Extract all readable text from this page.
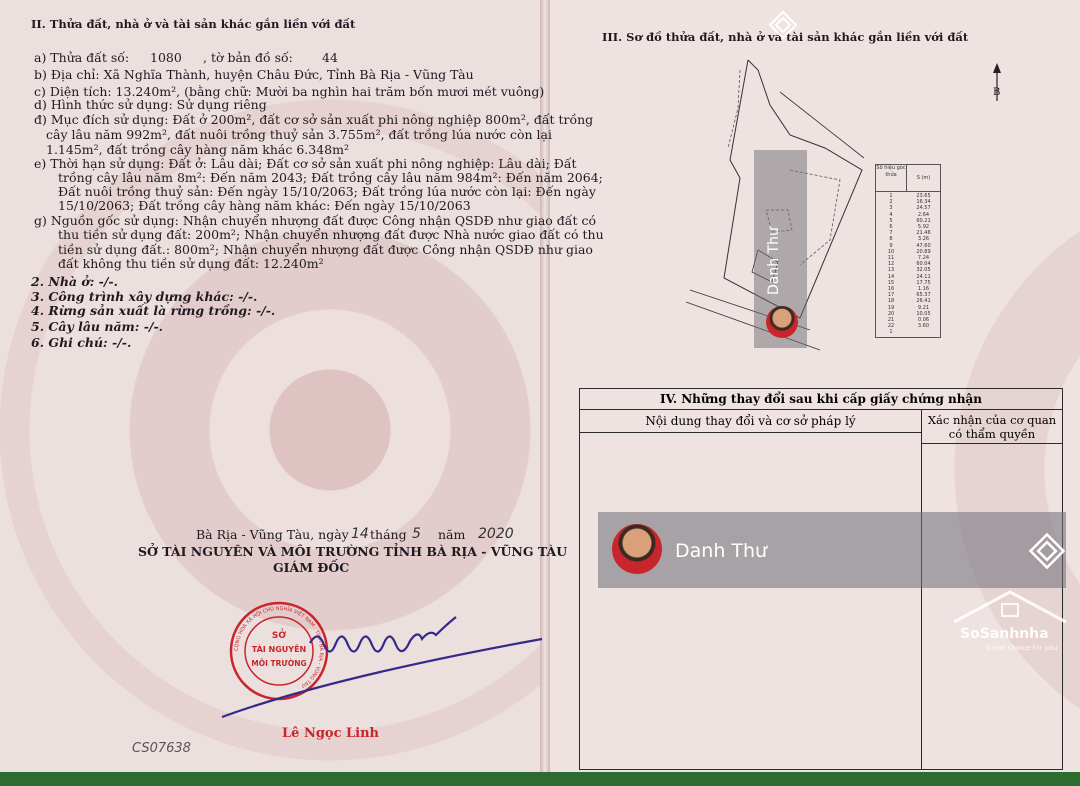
II. Thửa đất, nhà ở và tài sản khác gắn liền với đất
a) Thửa đất số: 1080 , tờ bản đồ số: 44
b) Địa chỉ: Xã Nghĩa Thành, huyện Châu Đức, Tỉnh Bà Rịa - Vũng Tàu
c) Diện tích: 13.240m², (bằng chữ: Mười ba nghìn hai trăm bốn mươi mét vuông)
d) Hình thức sử dụng: Sử dụng riêng
đ) Mục đích sử dụng: Đất ở 200m², đất cơ sở sản xuất phi nông nghiệp 800m², đất trồng
cây lâu năm 992m², đất nuôi trồng thuỷ sản 3.755m², đất trồng lúa nước còn lại
1.145m², đất trồng cây hàng năm khác 6.348m²
e) Thời hạn sử dụng: Đất ở: Lâu dài; Đất cơ sở sản xuất phi nông nghiệp: Lâu dài; Đất
trồng cây lâu năm 8m²: Đến năm 2043; Đất trồng cây lâu năm 984m²: Đến năm 2064;
Đất nuôi trồng thuỷ sản: Đến ngày 15/10/2063; Đất trồng lúa nước còn lại: Đến ngày
15/10/2063; Đất trồng cây hàng năm khác: Đến ngày 15/10/2063
g) Nguồn gốc sử dụng: Nhận chuyển nhượng đất được Công nhận QSDĐ như giao đất có
thu tiền sử dụng đất: 200m²; Nhận chuyển nhượng đất được Nhà nước giao đất có thu
tiền sử dụng đất.: 800m²; Nhận chuyển nhượng đất được Công nhận QSDĐ như giao
đất không thu tiền sử dụng đất: 12.240m²
2. Nhà ở: -/-.
3. Công trình xây dựng khác: -/-.
4. Rừng sản xuất là rừng trồng: -/-.
5. Cây lâu năm: -/-.
6. Ghi chú: -/-.
Bà Rịa - Vũng Tàu, ngày 14 tháng 5 năm 2020
SỞ TÀI NGUYÊN VÀ MÔI TRƯỜNG TỈNH BÀ RỊA - VŨNG TÀU
GIÁM ĐỐC
SỞ
TÀI NGUYÊN
MÔI TRƯỜNG
CỘNG HOÀ XÃ HỘI CHỦ NGHĨA VIỆT NAM · TỈNH BÀ RỊA - VŨNG TÀU
Lê Ngọc Linh
CS07638
III. Sơ đồ thửa đất, nhà ở và tài sản khác gắn liền với đất
B
Số hiệu góc thửa	S (m)
1	23.65
2	16.34
3	24.57
4	2.64
5	60.21
6	5.92
7	21.46
8	3.26
9	47.60
10	20.89
11	7.24
12	60.04
13	32.05
14	24.11
15	17.75
16	1.16
17	65.37
18	26.41
19	9.21
20	10.05
21	0.06
22	3.60
1
IV. Những thay đổi sau khi cấp giấy chứng nhận
Nội dung thay đổi và cơ sở pháp lý	Xác nhận của cơ quan có thẩm quyền
Danh Thư
Danh Thư
SoSanhnha
Great choice for you
